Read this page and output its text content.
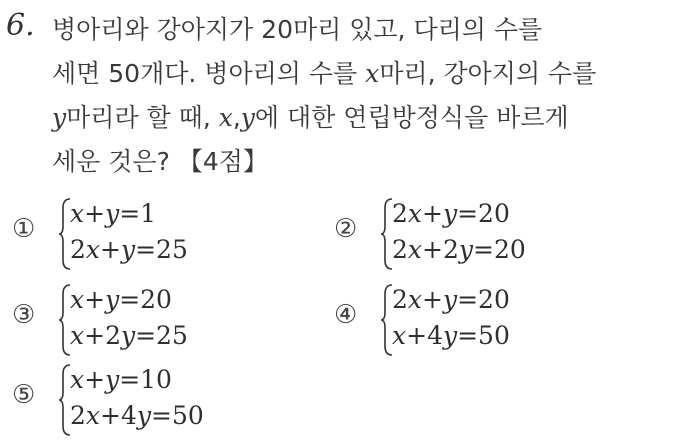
6. 병아리와 강아지가 20마리 있고, 다리의 수를
세면 50개다. 병아리의 수를 x마리, 강아지의 수를
y마리라 할 때, x,y에 대한 연립방정식을 바르게
세운 것은? 【4점】
①
x+y=1
2x+y=25
②
2x+y=20
2x+2y=20
③
x+y=20
x+2y=25
④
2x+y=20
x+4y=50
⑤
x+y=10
2x+4y=50
